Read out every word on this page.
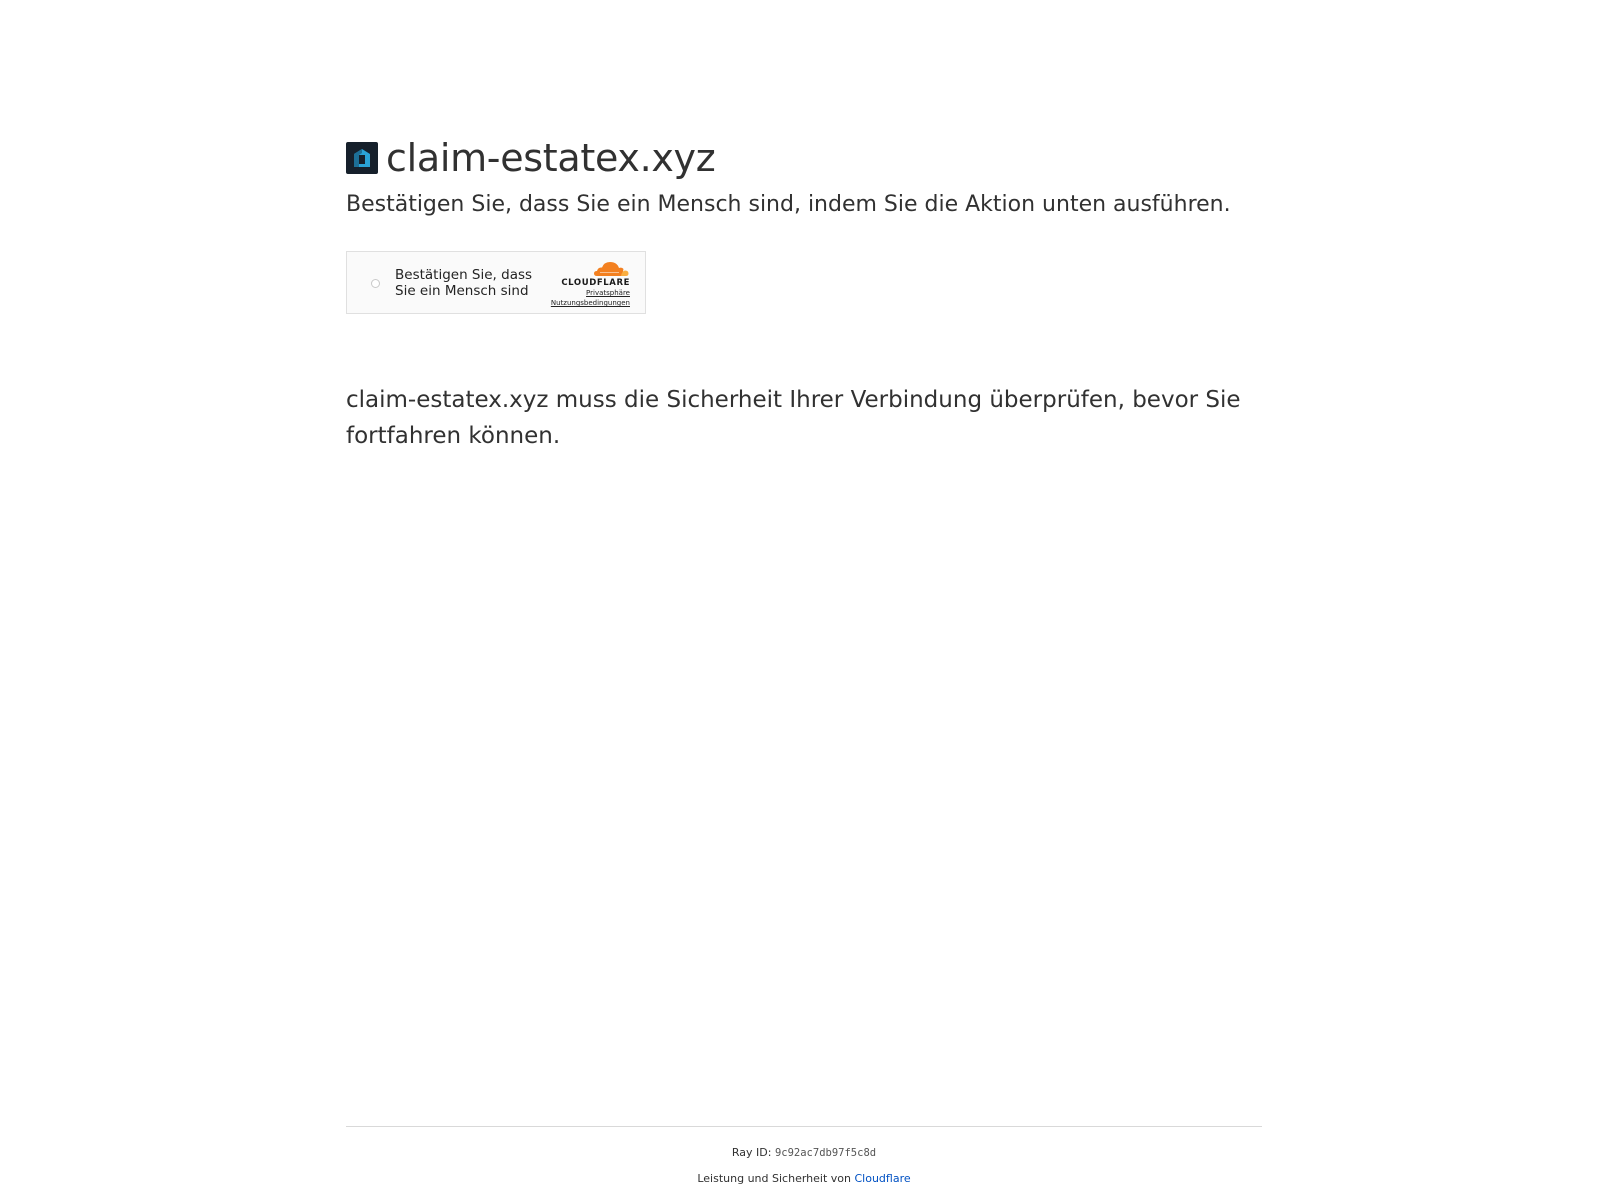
claim-estatex.xyz
Bestätigen Sie, dass Sie ein Mensch sind, indem Sie die Aktion unten ausführen.
Bestätigen Sie, dass Sie ein Mensch sind	CLOUDFLARE
Privatsphäre
Nutzungsbedingungen

claim-estatex.xyz muss die Sicherheit Ihrer Verbindung überprüfen, bevor Sie fortfahren können.

Ray ID: 9c92ac7db97f5c8d
Leistung und Sicherheit von Cloudflare
